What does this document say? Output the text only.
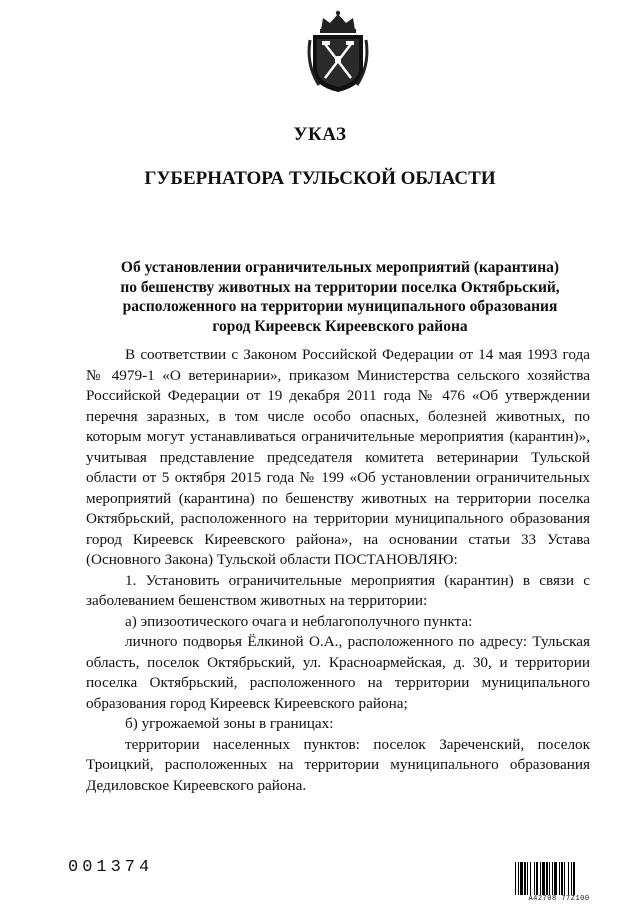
УКАЗ
ГУБЕРНАТОРА ТУЛЬСКОЙ ОБЛАСТИ
Об установлении ограничительных мероприятий (карантина)
по бешенству животных на территории поселка Октябрьский,
расположенного на территории муниципального образования
город Киреевск Киреевского района

В соответствии с Законом Российской Федерации от 14 мая 1993 года № 4979-1 «О ветеринарии», приказом Министерства сельского хозяйства Российской Федерации от 19 декабря 2011 года № 476 «Об утверждении перечня заразных, в том числе особо опасных, болезней животных, по которым могут устанавливаться ограничительные мероприятия (карантин)», учитывая представление председателя комитета ветеринарии Тульской области от 5 октября 2015 года № 199 «Об установлении ограничительных мероприятий (карантина) по бешенству животных на территории поселка Октябрьский, расположенного на территории муниципального образования город Киреевск Киреевского района», на основании статьи 33 Устава (Основного Закона) Тульской области ПОСТАНОВЛЯЮ:

1. Установить ограничительные мероприятия (карантин) в связи с заболеванием бешенством животных на территории:

а) эпизоотического очага и неблагополучного пункта:

личного подворья Ёлкиной О.А., расположенного по адресу: Тульская область, поселок Октябрьский, ул. Красноармейская, д. 30, и территории поселка Октябрьский, расположенного на территории муниципального образования город Киреевск Киреевского района;

б) угрожаемой зоны в границах:

территории населенных пунктов: поселок Зареченский, поселок Троицкий, расположенных на территории муниципального образования Дедиловское Киреевского района.

001374
А42708 77Z100
